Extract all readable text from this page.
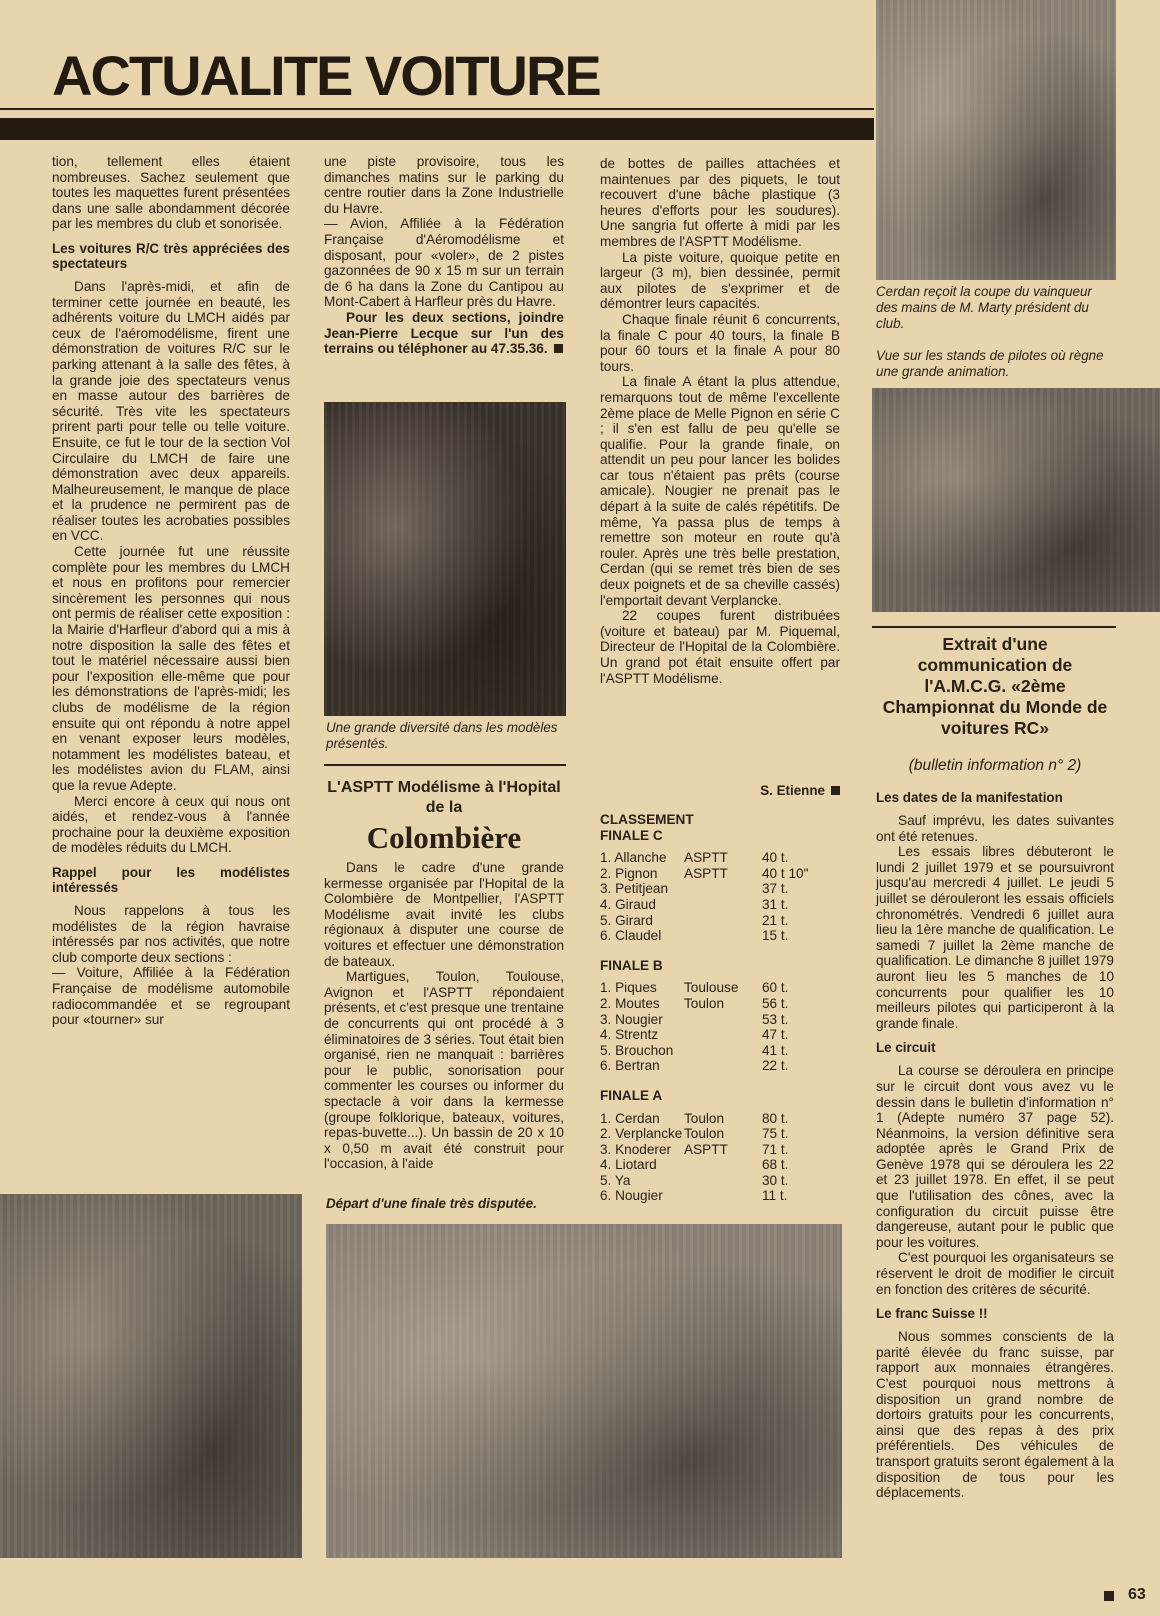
ACTUALITE VOITURE

tion, tellement elles étaient nombreuses. Sachez seulement que toutes les maquettes furent présentées dans une salle abondamment décorée par les membres du club et sonorisée.

Les voitures R/C très appréciées des spectateurs

Dans l'après-midi, et afin de terminer cette journée en beauté, les adhérents voiture du LMCH aidés par ceux de l'aéromodélisme, firent une démonstration de voitures R/C sur le parking attenant à la salle des fêtes, à la grande joie des spectateurs venus en masse autour des barrières de sécurité. Très vite les spectateurs prirent parti pour telle ou telle voiture. Ensuite, ce fut le tour de la section Vol Circulaire du LMCH de faire une démonstration avec deux appareils. Malheureusement, le manque de place et la prudence ne permirent pas de réaliser toutes les acrobaties possibles en VCC.

Cette journée fut une réussite complète pour les membres du LMCH et nous en profitons pour remercier sincèrement les personnes qui nous ont permis de réaliser cette exposition : la Mairie d'Harfleur d'abord qui a mis à notre disposition la salle des fêtes et tout le matériel nécessaire aussi bien pour l'exposition elle-même que pour les démonstrations de l'après-midi; les clubs de modélisme de la région ensuite qui ont répondu à notre appel en venant exposer leurs modèles, notamment les modélistes bateau, et les modélistes avion du FLAM, ainsi que la revue Adepte.

Merci encore à ceux qui nous ont aidés, et rendez-vous à l'année prochaine pour la deuxième exposition de modèles réduits du LMCH.

Rappel pour les modélistes intéressés

Nous rappelons à tous les modélistes de la région havraise intéressés par nos activités, que notre club comporte deux sections :

— Voiture, Affiliée à la Fédération Française de modélisme automobile radiocommandée et se regroupant pour «tourner» sur

une piste provisoire, tous les dimanches matins sur le parking du centre routier dans la Zone Industrielle du Havre.

— Avion, Affiliée à la Fédération Française d'Aéromodélisme et disposant, pour «voler», de 2 pistes gazonnées de 90 x 15 m sur un terrain de 6 ha dans la Zone du Cantipou au Mont-Cabert à Harfleur près du Havre.

Pour les deux sections, joindre Jean-Pierre Lecque sur l'un des terrains ou téléphoner au 47.35.36.

Une grande diversité dans les modèles présentés.
L'ASPTT Modélisme à l'Hopital de la
Colombière

Dans le cadre d'une grande kermesse organisée par l'Hopital de la Colombière de Montpellier, l'ASPTT Modélisme avait invité les clubs régionaux à disputer une course de voitures et effectuer une démonstration de bateaux.

Martigues, Toulon, Toulouse, Avignon et l'ASPTT répondaient présents, et c'est presque une trentaine de concurrents qui ont procédé à 3 éliminatoires de 3 séries. Tout était bien organisé, rien ne manquait : barrières pour le public, sonorisation pour commenter les courses ou informer du spectacle à voir dans la kermesse (groupe folklorique, bateaux, voitures, repas-buvette...). Un bassin de 20 x 10 x 0,50 m avait été construit pour l'occasion, à l'aide

Départ d'une finale très disputée.

de bottes de pailles attachées et maintenues par des piquets, le tout recouvert d'une bâche plastique (3 heures d'efforts pour les soudures). Une sangria fut offerte à midi par les membres de l'ASPTT Modélisme.

La piste voiture, quoique petite en largeur (3 m), bien dessinée, permit aux pilotes de s'exprimer et de démontrer leurs capacités.

Chaque finale réunit 6 concurrents, la finale C pour 40 tours, la finale B pour 60 tours et la finale A pour 80 tours.

La finale A étant la plus attendue, remarquons tout de même l'excellente 2ème place de Melle Pignon en série C ; il s'en est fallu de peu qu'elle se qualifie. Pour la grande finale, on attendit un peu pour lancer les bolides car tous n'étaient pas prêts (course amicale). Nougier ne prenait pas le départ à la suite de calés répétitifs. De même, Ya passa plus de temps à remettre son moteur en route qu'à rouler. Après une très belle prestation, Cerdan (qui se remet très bien de ses deux poignets et de sa cheville cassés) l'emportait devant Verplancke.

22 coupes furent distribuées (voiture et bateau) par M. Piquemal, Directeur de l'Hopital de la Colombière. Un grand pot était ensuite offert par l'ASPTT Modélisme.

S. Etienne
CLASSEMENT
FINALE C
1. Allanche	ASPTT	40 t.
2. Pignon	ASPTT	40 t 10"
3. Petitjean		37 t.
4. Giraud		31 t.
5. Girard		21 t.
6. Claudel		15 t.
FINALE B
1. Piques	Toulouse	60 t.
2. Moutes	Toulon	56 t.
3. Nougier		53 t.
4. Strentz		47 t.
5. Brouchon		41 t.
6. Bertran		22 t.
FINALE A
1. Cerdan	Toulon	80 t.
2. Verplancke	Toulon	75 t.
3. Knoderer	ASPTT	71 t.
4. Liotard		68 t.
5. Ya		30 t.
6. Nougier		11 t.
Cerdan reçoit la coupe du vainqueur des mains de M. Marty président du club.
Vue sur les stands de pilotes où règne une grande animation.
Extrait d'une communication de l'A.M.C.G. «2ème Championnat du Monde de voitures RC»
(bulletin information n° 2)
Les dates de la manifestation

Sauf imprévu, les dates suivantes ont été retenues.

Les essais libres débuteront le lundi 2 juillet 1979 et se poursuivront jusqu'au mercredi 4 juillet. Le jeudi 5 juillet se dérouleront les essais officiels chronométrés. Vendredi 6 juillet aura lieu la 1ère manche de qualification. Le samedi 7 juillet la 2ème manche de qualification. Le dimanche 8 juillet 1979 auront lieu les 5 manches de 10 concurrents pour qualifier les 10 meilleurs pilotes qui participeront à la grande finale.

Le circuit

La course se déroulera en principe sur le circuit dont vous avez vu le dessin dans le bulletin d'information n° 1 (Adepte numéro 37 page 52). Néanmoins, la version définitive sera adoptée après le Grand Prix de Genève 1978 qui se déroulera les 22 et 23 juillet 1978. En effet, il se peut que l'utilisation des cônes, avec la configuration du circuit puisse être dangereuse, autant pour le public que pour les voitures.

C'est pourquoi les organisateurs se réservent le droit de modifier le circuit en fonction des critères de sécurité.

Le franc Suisse !!

Nous sommes conscients de la parité élevée du franc suisse, par rapport aux monnaies étrangères. C'est pourquoi nous mettrons à disposition un grand nombre de dortoirs gratuits pour les concurrents, ainsi que des repas à des prix préférentiels. Des véhicules de transport gratuits seront également à la disposition de tous pour les déplacements.

63
